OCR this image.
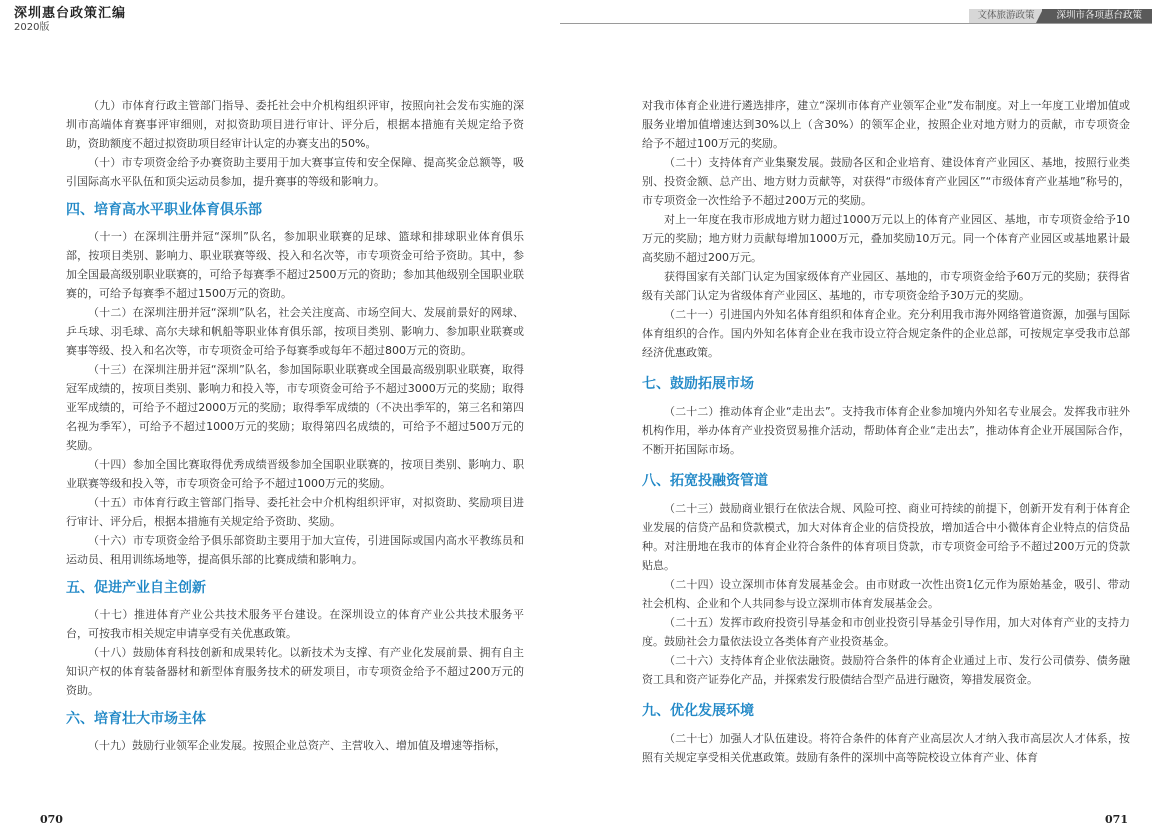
深圳惠台政策汇编
2020版
文体旅游政策	深圳市各项惠台政策

（九）市体育行政主管部门指导、委托社会中介机构组织评审，按照向社会发布实施的深圳市高端体育赛事评审细则，对拟资助项目进行审计、评分后，根据本措施有关规定给予资助，资助额度不超过拟资助项目经审计认定的办赛支出的50%。

（十）市专项资金给予办赛资助主要用于加大赛事宣传和安全保障、提高奖金总额等，吸引国际高水平队伍和顶尖运动员参加，提升赛事的等级和影响力。

四、培育高水平职业体育俱乐部

（十一）在深圳注册并冠“深圳”队名，参加职业联赛的足球、篮球和排球职业体育俱乐部，按项目类别、影响力、职业联赛等级、投入和名次等，市专项资金可给予资助。其中，参加全国最高级别职业联赛的，可给予每赛季不超过2500万元的资助；参加其他级别全国职业联赛的，可给予每赛季不超过1500万元的资助。

（十二）在深圳注册并冠“深圳”队名，社会关注度高、市场空间大、发展前景好的网球、乒乓球、羽毛球、高尔夫球和帆船等职业体育俱乐部，按项目类别、影响力、参加职业联赛或赛事等级、投入和名次等，市专项资金可给予每赛季或每年不超过800万元的资助。

（十三）在深圳注册并冠“深圳”队名，参加国际职业联赛或全国最高级别职业联赛，取得冠军成绩的，按项目类别、影响力和投入等，市专项资金可给予不超过3000万元的奖励；取得亚军成绩的，可给予不超过2000万元的奖励；取得季军成绩的（不决出季军的，第三名和第四名视为季军），可给予不超过1000万元的奖励；取得第四名成绩的，可给予不超过500万元的奖励。

（十四）参加全国比赛取得优秀成绩晋级参加全国职业联赛的，按项目类别、影响力、职业联赛等级和投入等，市专项资金可给予不超过1000万元的奖励。

（十五）市体育行政主管部门指导、委托社会中介机构组织评审，对拟资助、奖励项目进行审计、评分后，根据本措施有关规定给予资助、奖励。

（十六）市专项资金给予俱乐部资助主要用于加大宣传，引进国际或国内高水平教练员和运动员、租用训练场地等，提高俱乐部的比赛成绩和影响力。

五、促进产业自主创新

（十七）推进体育产业公共技术服务平台建设。在深圳设立的体育产业公共技术服务平台，可按我市相关规定申请享受有关优惠政策。

（十八）鼓励体育科技创新和成果转化。以新技术为支撑、有产业化发展前景、拥有自主知识产权的体育装备器材和新型体育服务技术的研发项目，市专项资金给予不超过200万元的资助。

六、培育壮大市场主体

（十九）鼓励行业领军企业发展。按照企业总资产、主营收入、增加值及增速等指标，

对我市体育企业进行遴选排序，建立“深圳市体育产业领军企业”发布制度。对上一年度工业增加值或服务业增加值增速达到30%以上（含30%）的领军企业，按照企业对地方财力的贡献，市专项资金给予不超过100万元的奖励。

（二十）支持体育产业集聚发展。鼓励各区和企业培育、建设体育产业园区、基地，按照行业类别、投资金额、总产出、地方财力贡献等，对获得“市级体育产业园区”“市级体育产业基地”称号的，市专项资金一次性给予不超过200万元的奖励。

对上一年度在我市形成地方财力超过1000万元以上的体育产业园区、基地，市专项资金给予10万元的奖励；地方财力贡献每增加1000万元，叠加奖励10万元。同一个体育产业园区或基地累计最高奖励不超过200万元。

获得国家有关部门认定为国家级体育产业园区、基地的，市专项资金给予60万元的奖励；获得省级有关部门认定为省级体育产业园区、基地的，市专项资金给予30万元的奖励。

（二十一）引进国内外知名体育组织和体育企业。充分利用我市海外网络管道资源，加强与国际体育组织的合作。国内外知名体育企业在我市设立符合规定条件的企业总部，可按规定享受我市总部经济优惠政策。

七、鼓励拓展市场

（二十二）推动体育企业“走出去”。支持我市体育企业参加境内外知名专业展会。发挥我市驻外机构作用，举办体育产业投资贸易推介活动，帮助体育企业“走出去”，推动体育企业开展国际合作，不断开拓国际市场。

八、拓宽投融资管道

（二十三）鼓励商业银行在依法合规、风险可控、商业可持续的前提下，创新开发有利于体育企业发展的信贷产品和贷款模式，加大对体育企业的信贷投放，增加适合中小微体育企业特点的信贷品种。对注册地在我市的体育企业符合条件的体育项目贷款，市专项资金可给予不超过200万元的贷款贴息。

（二十四）设立深圳市体育发展基金会。由市财政一次性出资1亿元作为原始基金，吸引、带动社会机构、企业和个人共同参与设立深圳市体育发展基金会。

（二十五）发挥市政府投资引导基金和市创业投资引导基金引导作用，加大对体育产业的支持力度。鼓励社会力量依法设立各类体育产业投资基金。

（二十六）支持体育企业依法融资。鼓励符合条件的体育企业通过上市、发行公司债券、债务融资工具和资产证券化产品，并探索发行股债结合型产品进行融资，筹措发展资金。

九、优化发展环境

（二十七）加强人才队伍建设。将符合条件的体育产业高层次人才纳入我市高层次人才体系，按照有关规定享受相关优惠政策。鼓励有条件的深圳中高等院校设立体育产业、体育

070	071
